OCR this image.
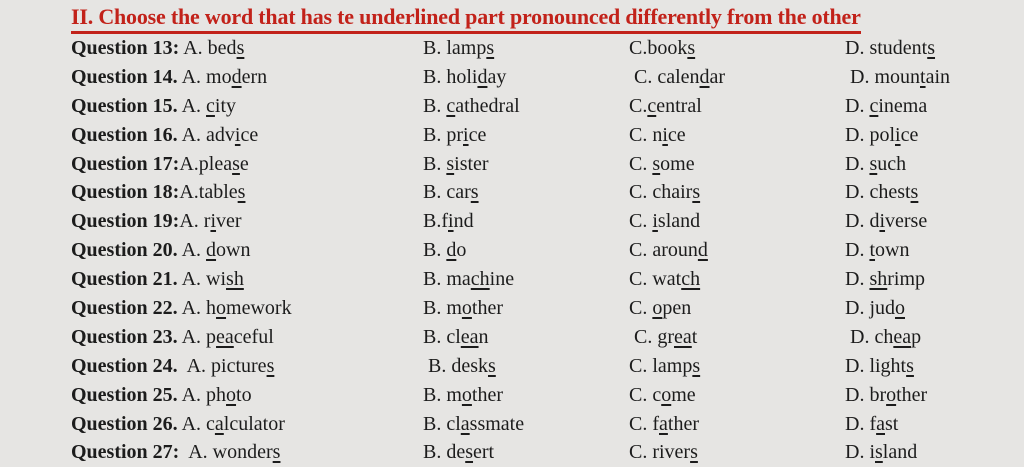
II. Choose the word that has te underlined part pronounced differently from the other
Question 13: A. beds	B. lamps	C.books	D. students
Question 14. A. modern	B. holiday	C. calendar	D. mountain
Question 15. A. city	B. cathedral	C.central	D. cinema
Question 16. A. advice	B. price	C. nice	D. police
Question 17:A.please	B. sister	C. some	D. such
Question 18:A.tables	B. cars	C. chairs	D. chests
Question 19:A. river	B.find	C. island	D. diverse
Question 20. A. down	B. do	C. around	D. town
Question 21. A. wish	B. machine	C. watch	D. shrimp
Question 22. A. homework	B. mother	C. open	D. judo
Question 23. A. peaceful	B. clean	C. great	D. cheap
Question 24.  A. pictures	B. desks	C. lamps	D. lights
Question 25. A. photo	B. mother	C. come	D. brother
Question 26. A. calculator	B. classmate	C. father	D. fast
Question 27:  A. wonders	B. desert	C. rivers	D. island
